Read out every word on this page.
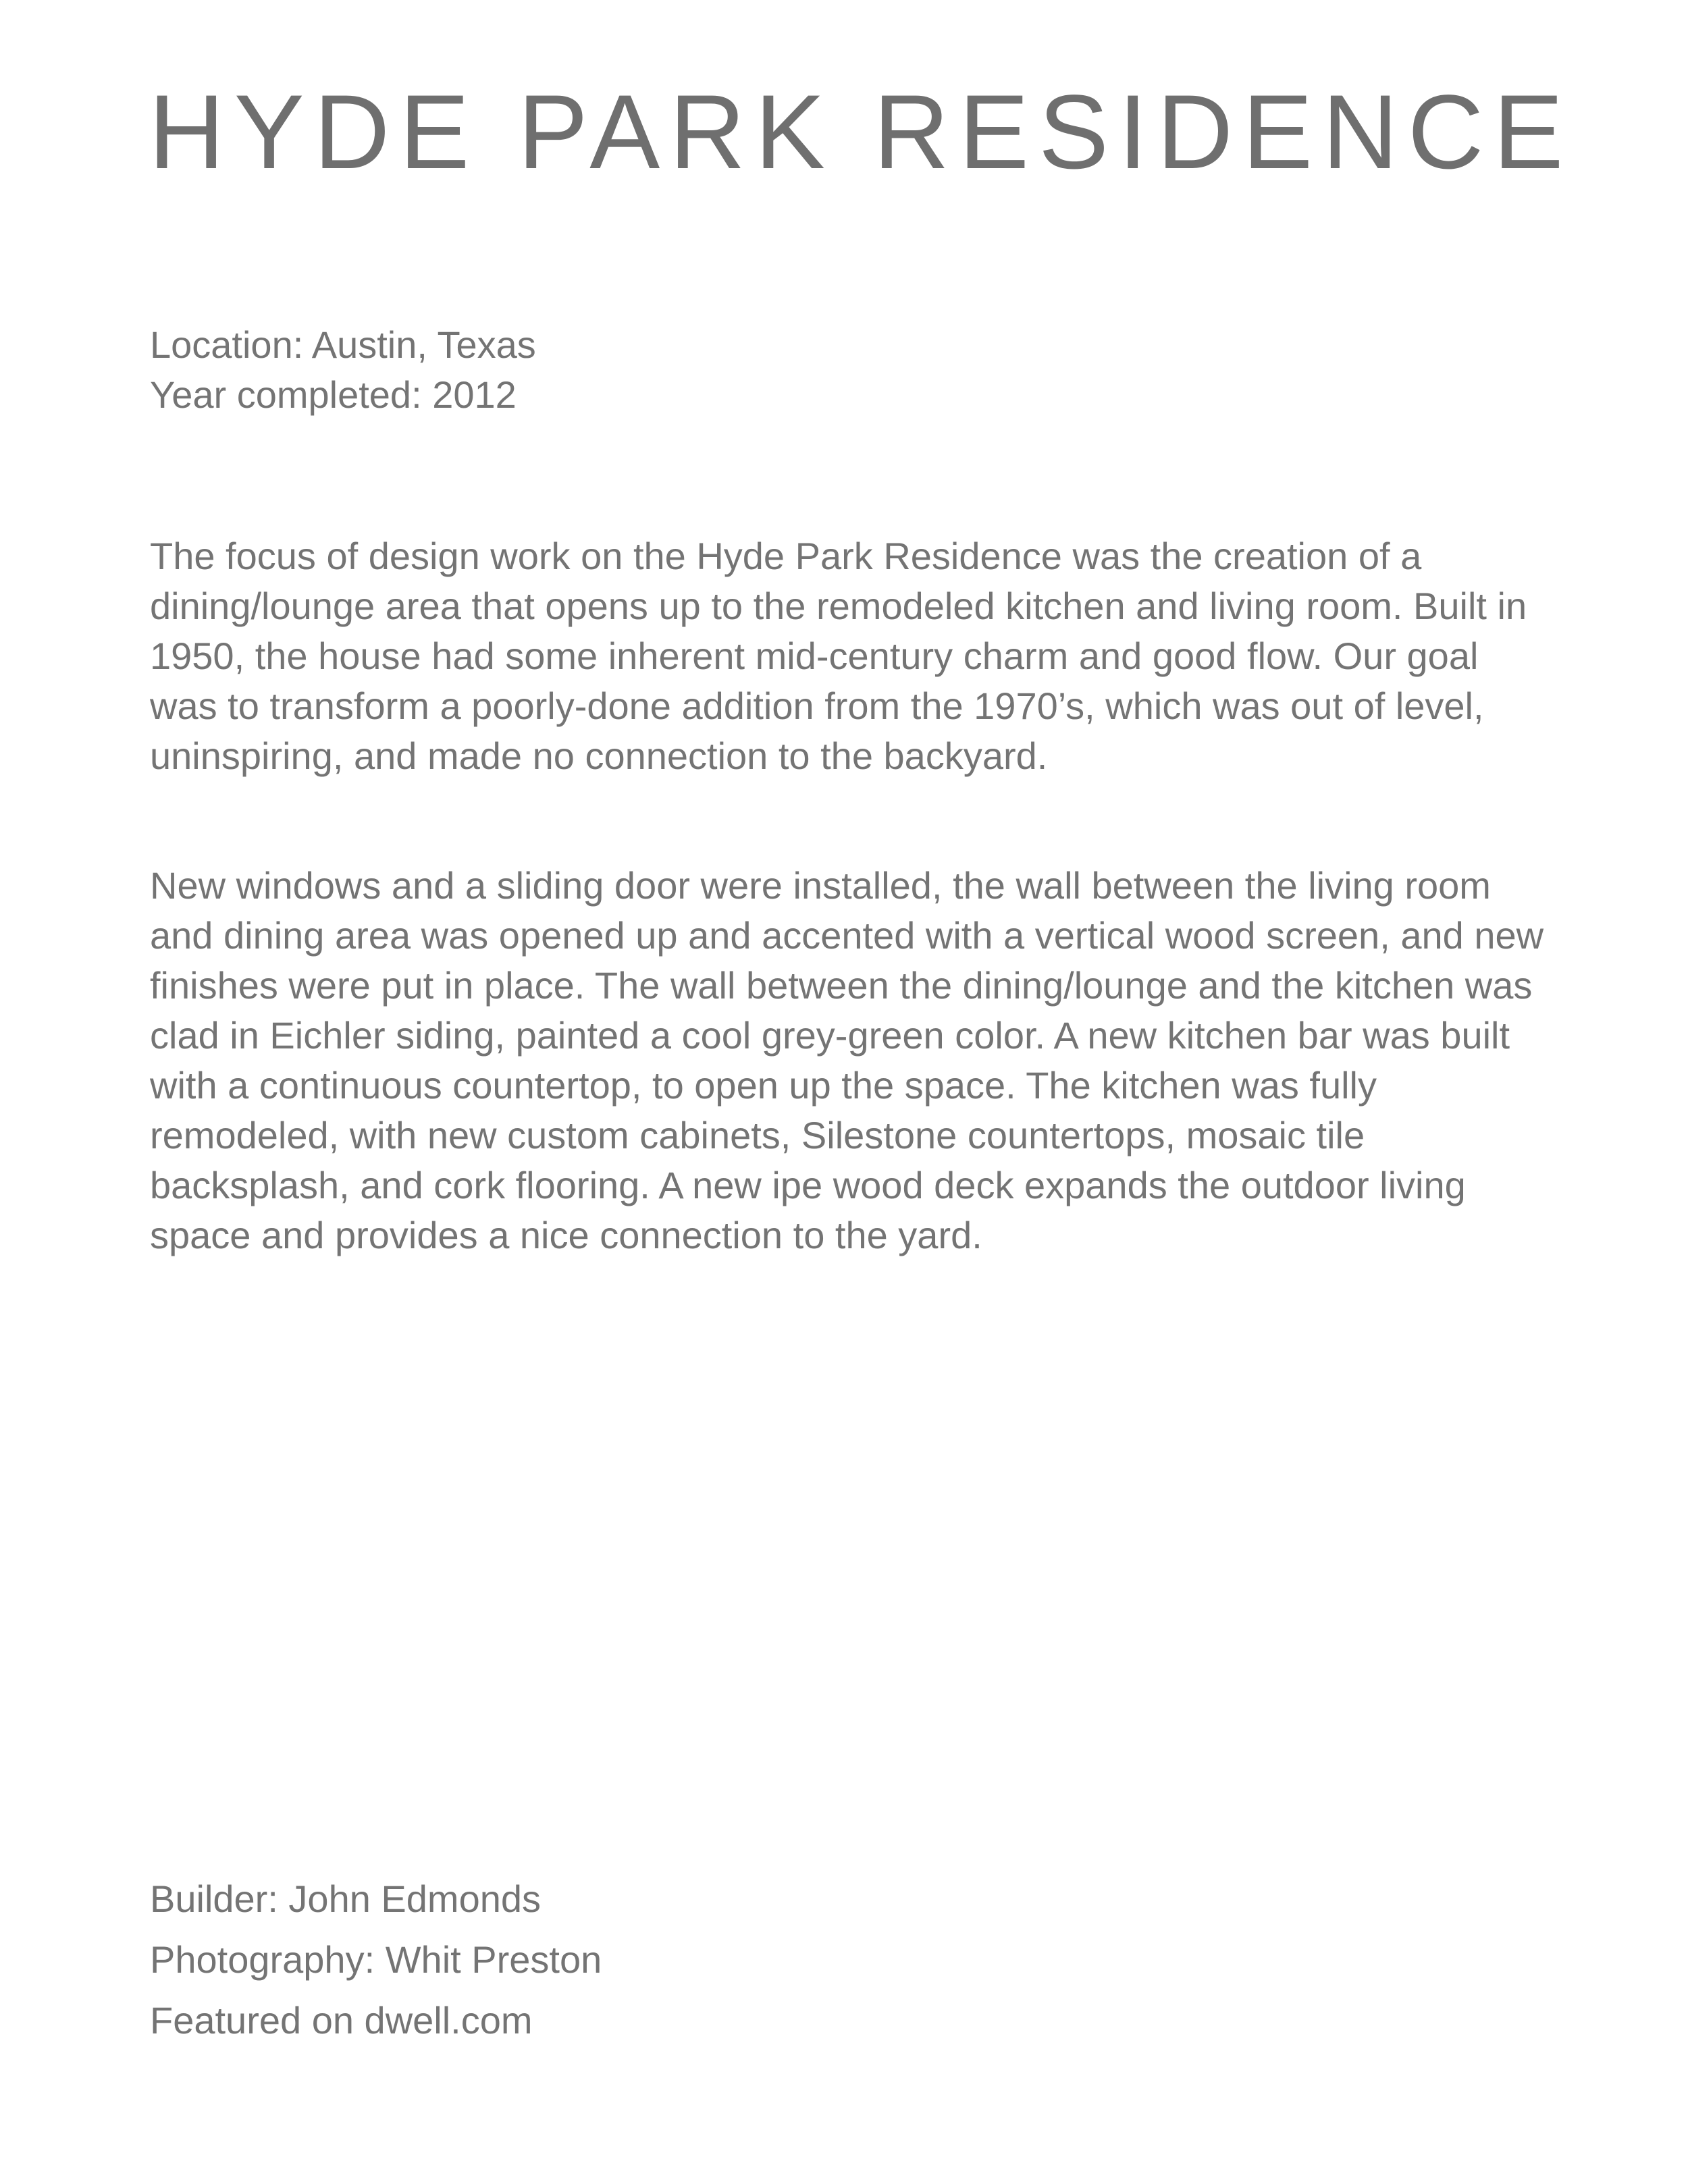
HYDE PARK RESIDENCE
Location: Austin, Texas
Year completed: 2012

The focus of design work on the Hyde Park Residence was the creation of a dining/lounge area that opens up to the remodeled kitchen and living room. Built in 1950, the house had some inherent mid-century charm and good flow. Our goal was to transform a poorly-done addition from the 1970’s, which was out of level, uninspiring, and made no connection to the backyard.

New windows and a sliding door were installed, the wall between the living room and dining area was opened up and accented with a vertical wood screen, and new finishes were put in place. The wall between the dining/lounge and the kitchen was clad in Eichler siding, painted a cool grey-green color. A new kitchen bar was built with a continuous countertop, to open up the space. The kitchen was fully remodeled, with new custom cabinets, Silestone countertops, mosaic tile backsplash, and cork flooring. A new ipe wood deck expands the outdoor living space and provides a nice connection to the yard.

Builder: John Edmonds
Photography: Whit Preston
Featured on dwell.com
